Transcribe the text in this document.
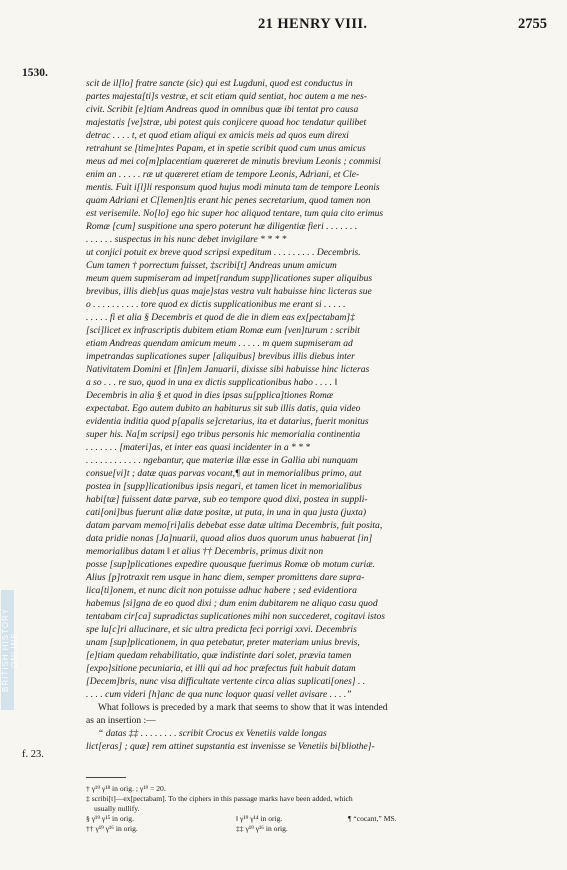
21 HENRY VIII.	2755
1530.
f. 23.
BRITISH HISTORY ONLINE
scit de il[lo] fratre sancte (sic) qui est Lugduni, quod est conductus in
partes majesta[ti]s vestræ, et scit etiam quid sentiat, hoc autem a me nes-
civit. Scribit [e]tiam Andreas quod in omnibus quæ ibi tentat pro causa
majestatis [ve]stræ, ubi potest quis conjicere quoad hoc tendatur quilibet
detrac . . . . t, et quod etiam aliqui ex amicis meis ad quos eum direxi
retrahunt se [time]ntes Papam, et in spetie scribit quod cum unus amicus
meus ad mei co[m]placentiam quæreret de minutis brevium Leonis ; commisi
enim an . . . . . ræ ut quæreret etiam de tempore Leonis, Adriani, et Cle-
mentis. Fuit i[l]li responsum quod hujus modi minuta tam de tempore Leonis
quam Adriani et C[lemen]tis erant hic penes secretarium, quod tamen non
est verisemile. No[lo] ego hic super hoc aliquod tentare, tum quia cito erimus
Romæ [cum] suspitione una spero poterunt hæ diligentiæ fieri . . . . . . .
. . . . . . suspectus in his nunc debet invigilare * * * *
ut conjici potuit ex breve quod scripsi expeditum . . . . . . . . . Decembris.
Cum tamen † porrectum fuisset, ‡scribi[t] Andreas unum amicum
meum quem supmiseram ad impet[randum supp]licationes super aliquibus
brevibus, illis dieb[us quas maje]stas vestra vult habuisse hinc licteras sue
o . . . . . . . . . . tore quod ex dictis supplicationibus me erant si . . . . .
. . . . . fi et alia § Decembris et quod de die in diem eas ex[pectabam]‡
[sci]licet ex infrascriptis dubitem etiam Romæ eum [ven]turum : scribit
etiam Andreas quendam amicum meum . . . . . m quem supmiseram ad
impetrandas suplicationes super [aliquibus] brevibus illis diebus inter
Nativitatem Domini et [fin]em Januarii, dixisse sibi habuisse hinc licteras
a so . . . re suo, quod in una ex dictis supplicationibus habo . . . . ‖
Decembris in alia § et quod in dies ipsas su[pplica]tiones Romæ
expectabat. Ego autem dubito an habiturus sit sub illis datis, quia video
evidentia inditia quod p[apalis se]cretarius, ita et datarius, fuerit monitus
super his. Na[m scripsi] ego tribus personis hic memorialia continentia
. . . . . . . [materi]as, et inter eas quasi incidenter in a * * *
. . . . . . . . . . . . ngebantur, que materiæ illæ esse in Gallia ubi nunquam
consue[vi]t ; datæ quas parvas vocant,¶ aut in memorialibus primo, aut
postea in [supp]licationibus ipsis negari, et tamen licet in memorialibus
habi[tæ] fuissent datæ parvæ, sub eo tempore quod dixi, postea in suppli-
cati[oni]bus fuerunt aliæ datæ positæ, ut puta, in una in qua justa (juxta)
datam parvam memo[ri]alis debebat esse datæ ultima Decembris, fuit posita,
data pridie nonas [Ja]nuarii, quoad alios duos quorum unus habuerat [in]
memorialibus datam ‖ et alius †† Decembris, primus dixit non
posse [sup]plicationes expedire quousque fuerimus Romæ ob motum curiæ.
Alius [p]rotraxit rem usque in hanc diem, semper promittens dare supra-
lica[ti]onem, et nunc dicit non potuisse adhuc habere ; sed evidentiora
habemus [si]gna de eo quod dixi ; dum enim dubitarem ne aliquo casu quod
tentabam cir[ca] supradictas suplicationes mihi non succederet, cogitavi istos
spe lu[c]ri allucinare, et sic ultra predicta feci porrigi xxvi. Decembris
unam [sup]plicationem, in qua petebatur, preter materiam unius brevis,
[e]tiam quedam rehabilitatio, quæ indistinte dari solet, prævia tamen
[expo]sitione pecuniaria, et illi qui ad hoc præfectus fuit habuit datam
[Decem]bris, nunc visa difficultate vertente circa alias suplicati[ones] . .
. . . . cum videri [h]anc de qua nunc loquor quasi vellet avisare . . . .”
What follows is preceded by a mark that seems to show that it was intended
as an insertion :—
“ datas ‡‡ . . . . . . . . scribit Crocus ex Venetiis valde longas
lict[eras] ; quæ] rem attinet supstantia est invenisse se Venetiis bi[bliothe]-
† γ¹⁹ γ¹⁸ in orig. ; γ¹⁹ = 20.
‡ scribi[t]—ex[pectabam]. To the ciphers in this passage marks have been added, which
usually nullify.
§ γ¹⁹ γ¹⁵ in orig.	‖ γ¹⁹ γ¹⁴ in orig.	¶ “cocant,” MS.
†† γ¹⁹ γ¹⁶ in orig.	‡‡ γ¹⁹ γ¹⁶ in orig.
